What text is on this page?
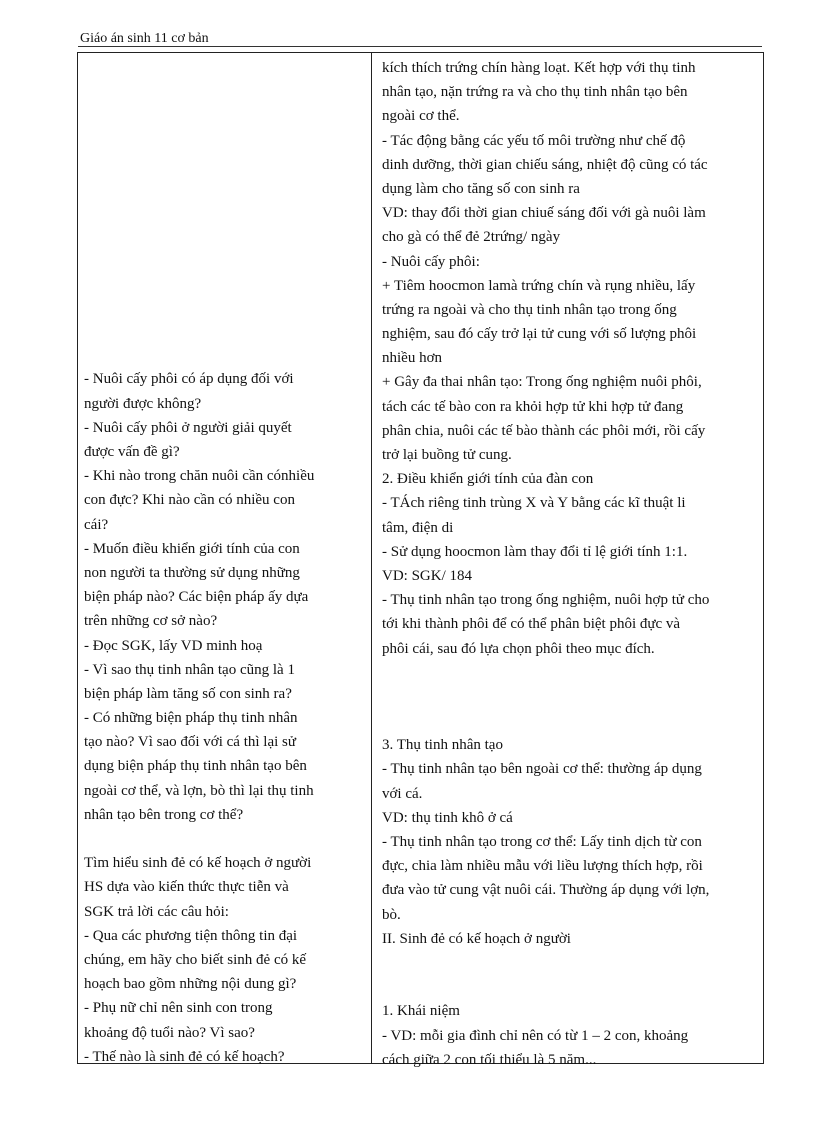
Giáo án sinh 11 cơ bản
- Nuôi cấy phôi có áp dụng đối với
người được không?
- Nuôi cấy phôi ở người giải quyết
được vấn đề gì?
- Khi nào trong chăn nuôi cần cónhiều
con đực? Khi nào cần có nhiều con
cái?
- Muốn điều khiển giới tính của con
non người ta thường sử dụng những
biện pháp nào? Các biện pháp ấy dựa
trên những cơ sở nào?
- Đọc SGK, lấy VD minh hoạ
- Vì sao thụ tinh nhân tạo cũng là 1
biện pháp làm tăng số con sinh ra?
- Có những biện pháp thụ tinh nhân
tạo nào? Vì sao đối với cá thì lại sử
dụng biện pháp thụ tinh nhân tạo bên
ngoài cơ thể, và lợn, bò thì lại thụ tinh
nhân tạo bên trong cơ thể?
Tìm hiểu sinh đẻ có kế hoạch ở người
HS dựa vào kiến thức thực tiễn và
SGK trả lời các câu hỏi:
- Qua các phương tiện thông tin đại
chúng, em hãy cho biết sinh đẻ có kế
hoạch bao gồm những nội dung gì?
- Phụ nữ chỉ nên sinh con trong
khoảng độ tuổi nào? Vì sao?
- Thế nào là sinh đẻ có kế hoạch?
kích thích trứng chín hàng loạt. Kết hợp với thụ tinh
nhân tạo, nặn trứng ra và cho thụ tinh nhân tạo bên
ngoài cơ thể.
- Tác động bằng các yếu tố môi trường như chế độ
dinh dưỡng, thời gian chiếu sáng, nhiệt độ cũng có tác
dụng làm cho tăng số con sinh ra
VD: thay đổi thời gian chiuế sáng đối với gà nuôi làm
cho gà có thể đẻ 2trứng/ ngày
- Nuôi cấy phôi:
+ Tiêm hoocmon lamà trứng chín và rụng nhiều, lấy
trứng ra ngoài và cho thụ tinh nhân tạo trong ống
nghiệm, sau đó cấy trở lại tử cung với số lượng phôi
nhiều hơn
+ Gây đa thai nhân tạo: Trong ống nghiệm nuôi phôi,
tách các tế bào con ra khỏi hợp tử khi hợp tử đang
phân chia, nuôi các tế bào thành các phôi mới, rồi cấy
trở lại buồng tử cung.
2. Điều khiển giới tính của đàn con
- TÁch riêng tinh trùng X và Y bằng các kĩ thuật li
tâm, điện di
- Sử dụng hoocmon làm thay đổi tỉ lệ giới tính 1:1.
VD: SGK/ 184
- Thụ tinh nhân tạo trong ống nghiệm, nuôi hợp tử cho
tới khi thành phôi để có thể phân biệt phôi đực và
phôi cái, sau đó lựa chọn phôi theo mục đích.
3. Thụ tinh nhân tạo
- Thụ tinh nhân tạo bên ngoài cơ thể: thường áp dụng
với cá.
VD: thụ tinh khô ở cá
- Thụ tinh nhân tạo trong cơ thể: Lấy tinh dịch từ con
đực, chia làm nhiều mẫu với liều lượng thích hợp, rồi
đưa vào tử cung vật nuôi cái. Thường áp dụng với lợn,
bò.
II. Sinh đẻ có kế hoạch ở người
1. Khái niệm
- VD: mỗi gia đình chỉ nên có từ 1 – 2 con, khoảng
cách giữa 2 con tối thiểu là 5 năm...
